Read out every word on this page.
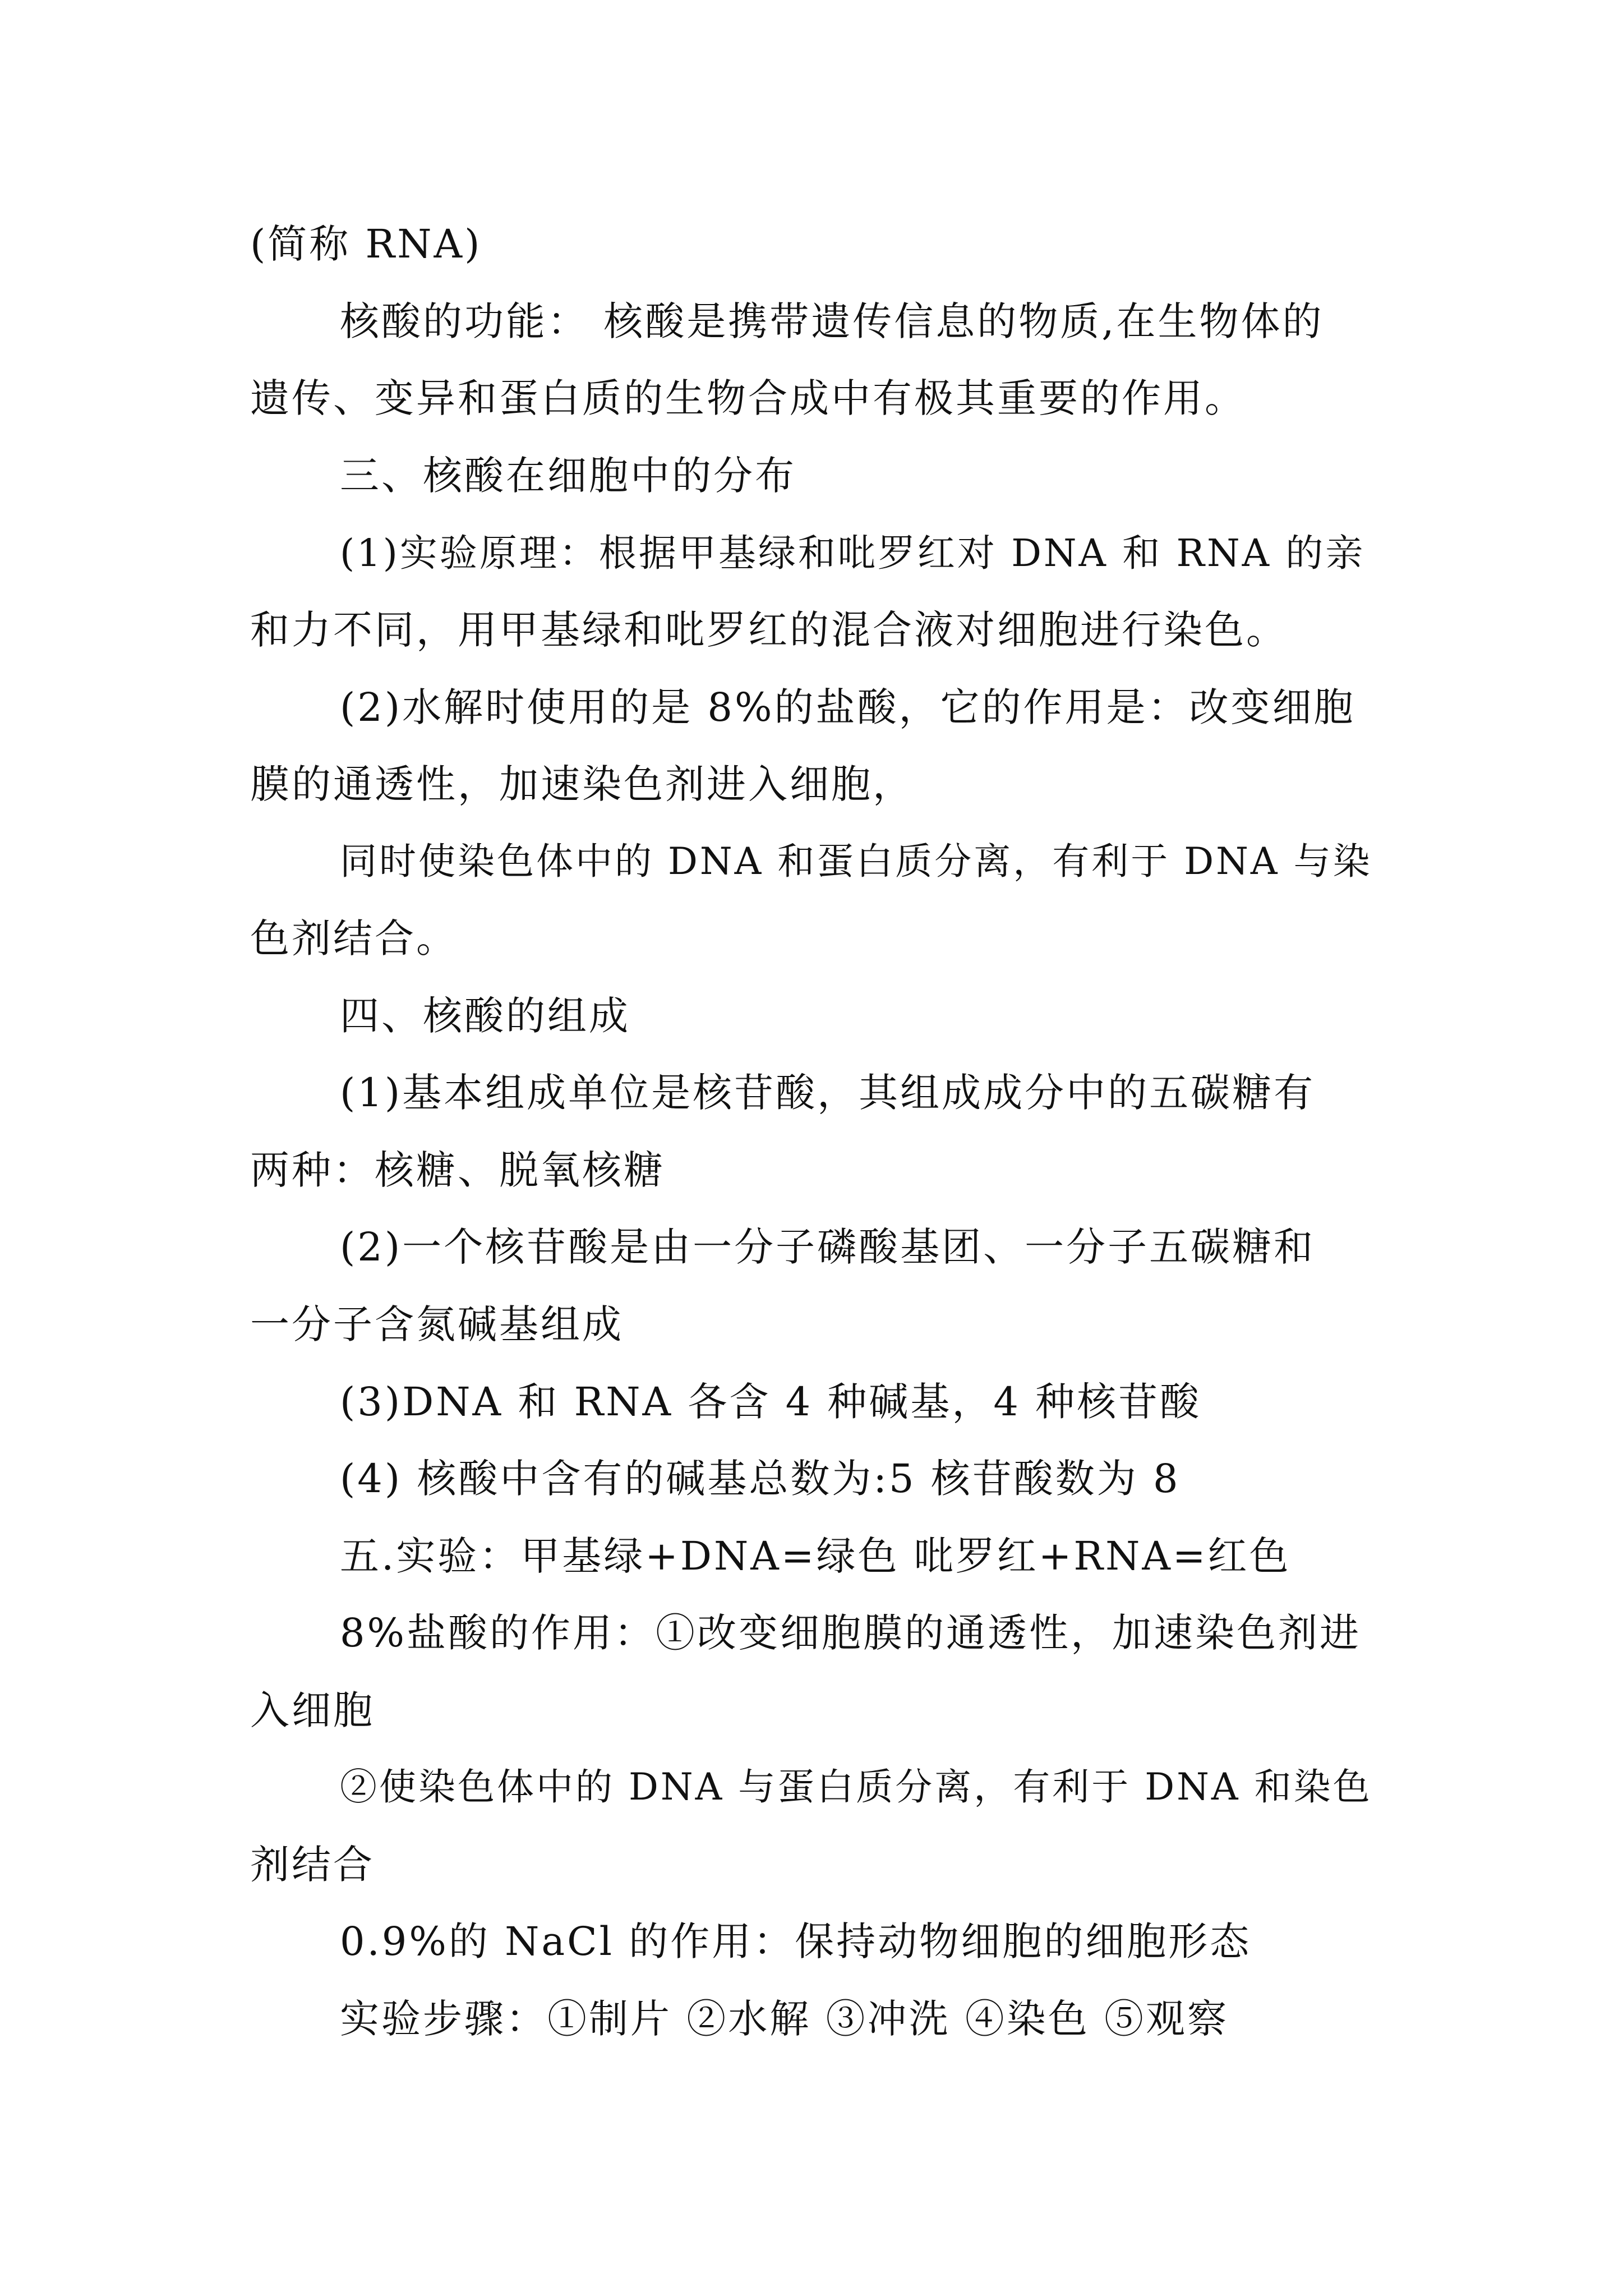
(简称 RNA)
核酸的功能： 核酸是携带遗传信息的物质,在生物体的
遗传、变异和蛋白质的生物合成中有极其重要的作用。
三、核酸在细胞中的分布
(1)实验原理：根据甲基绿和吡罗红对 DNA 和 RNA 的亲
和力不同，用甲基绿和吡罗红的混合液对细胞进行染色。
(2)水解时使用的是 8%的盐酸，它的作用是：改变细胞
膜的通透性，加速染色剂进入细胞，
同时使染色体中的 DNA 和蛋白质分离，有利于 DNA 与染
色剂结合。
四、核酸的组成
(1)基本组成单位是核苷酸，其组成成分中的五碳糖有
两种：核糖、脱氧核糖
(2)一个核苷酸是由一分子磷酸基团、一分子五碳糖和
一分子含氮碱基组成
(3)DNA 和 RNA 各含 4 种碱基，4 种核苷酸
(4) 核酸中含有的碱基总数为:5 核苷酸数为 8
五.实验：甲基绿+DNA=绿色 吡罗红+RNA=红色
8%盐酸的作用：①改变细胞膜的通透性，加速染色剂进
入细胞
②使染色体中的 DNA 与蛋白质分离，有利于 DNA 和染色
剂结合
0.9%的 NaCl 的作用：保持动物细胞的细胞形态
实验步骤：①制片 ②水解 ③冲洗 ④染色 ⑤观察
